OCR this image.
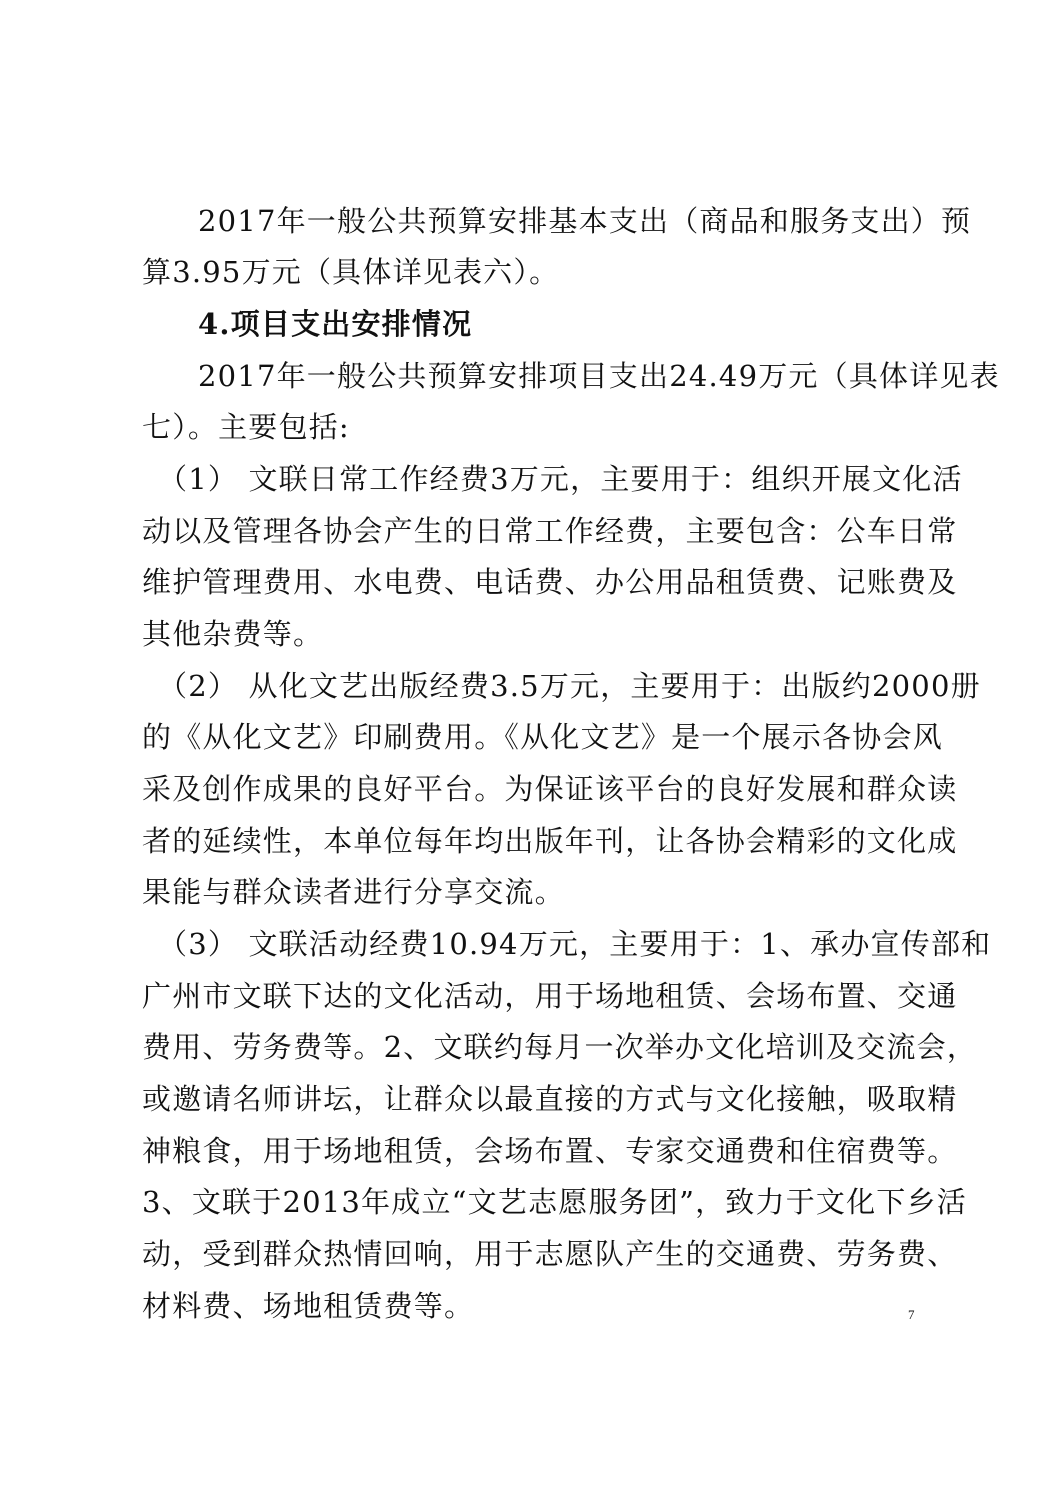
2017年一般公共预算安排基本支出（商品和服务支出）预
算3.95万元（具体详见表六）。
4.项目支出安排情况
2017年一般公共预算安排项目支出24.49万元（具体详见表
七）。主要包括:
（1） 文联日常工作经费3万元，主要用于：组织开展文化活
动以及管理各协会产生的日常工作经费，主要包含：公车日常
维护管理费用、水电费、电话费、办公用品租赁费、记账费及
其他杂费等。
（2） 从化文艺出版经费3.5万元，主要用于：出版约2000册
的《从化文艺》印刷费用。《从化文艺》是一个展示各协会风
采及创作成果的良好平台。为保证该平台的良好发展和群众读
者的延续性，本单位每年均出版年刊，让各协会精彩的文化成
果能与群众读者进行分享交流。
（3） 文联活动经费10.94万元，主要用于：1、承办宣传部和
广州市文联下达的文化活动，用于场地租赁、会场布置、交通
费用、劳务费等。2、文联约每月一次举办文化培训及交流会，
或邀请名师讲坛，让群众以最直接的方式与文化接触，吸取精
神粮食，用于场地租赁，会场布置、专家交通费和住宿费等。
3、文联于2013年成立“文艺志愿服务团”，致力于文化下乡活
动，受到群众热情回响，用于志愿队产生的交通费、劳务费、
材料费、场地租赁费等。	7
